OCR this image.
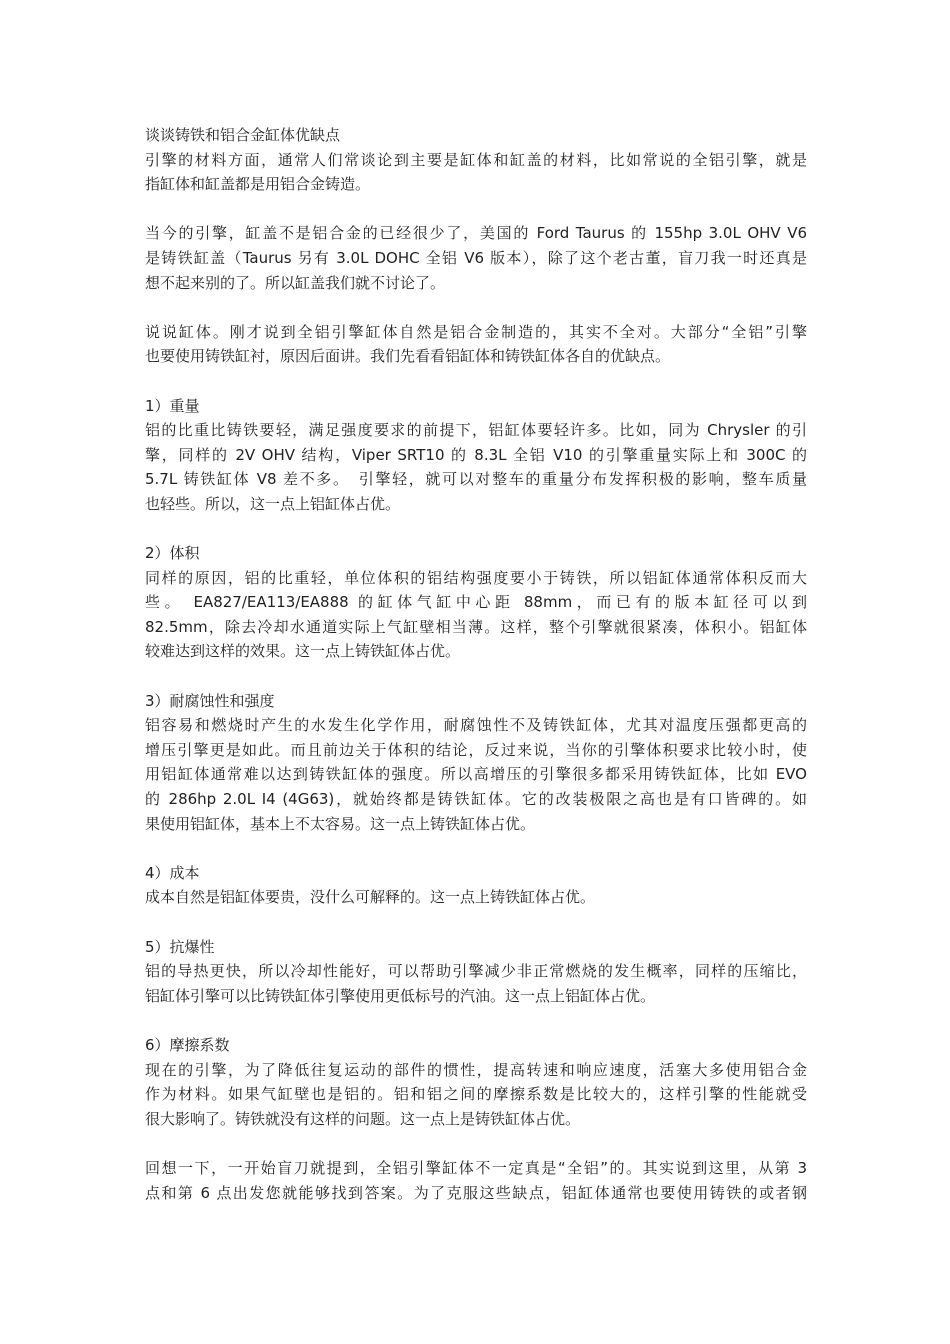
谈谈铸铁和铝合金缸体优缺点
引擎的材料方面，通常人们常谈论到主要是缸体和缸盖的材料，比如常说的全铝引擎，就是
指缸体和缸盖都是用铝合金铸造。
当今的引擎，缸盖不是铝合金的已经很少了，美国的 Ford Taurus 的 155hp 3.0L OHV V6
是铸铁缸盖（Taurus 另有 3.0L DOHC 全铝 V6 版本），除了这个老古董，盲刀我一时还真是
想不起来别的了。所以缸盖我们就不讨论了。
说说缸体。刚才说到全铝引擎缸体自然是铝合金制造的，其实不全对。大部分“全铝”引擎
也要使用铸铁缸衬，原因后面讲。我们先看看铝缸体和铸铁缸体各自的优缺点。
1）重量
铝的比重比铸铁要轻，满足强度要求的前提下，铝缸体要轻许多。比如，同为 Chrysler 的引
擎，同样的 2V OHV 结构，Viper SRT10 的 8.3L 全铝 V10 的引擎重量实际上和 300C 的
5.7L 铸铁缸体 V8 差不多。　引擎轻，就可以对整车的重量分布发挥积极的影响，整车质量
也轻些。所以，这一点上铝缸体占优。
2）体积
同样的原因，铝的比重轻，单位体积的铝结构强度要小于铸铁，所以铝缸体通常体积反而大
些。 EA827/EA113/EA888 的缸体气缸中心距 88mm，而已有的版本缸径可以到
82.5mm，除去冷却水通道实际上气缸壁相当薄。这样，整个引擎就很紧凑，体积小。铝缸体
较难达到这样的效果。这一点上铸铁缸体占优。
3）耐腐蚀性和强度
铝容易和燃烧时产生的水发生化学作用，耐腐蚀性不及铸铁缸体，尤其对温度压强都更高的
增压引擎更是如此。而且前边关于体积的结论，反过来说，当你的引擎体积要求比较小时，使
用铝缸体通常难以达到铸铁缸体的强度。所以高增压的引擎很多都采用铸铁缸体，比如 EVO
的 286hp 2.0L I4 (4G63)，就始终都是铸铁缸体。它的改装极限之高也是有口皆碑的。如
果使用铝缸体，基本上不太容易。这一点上铸铁缸体占优。
4）成本
成本自然是铝缸体要贵，没什么可解释的。这一点上铸铁缸体占优。
5）抗爆性
铝的导热更快，所以冷却性能好，可以帮助引擎减少非正常燃烧的发生概率，同样的压缩比，
铝缸体引擎可以比铸铁缸体引擎使用更低标号的汽油。这一点上铝缸体占优。
6）摩擦系数
现在的引擎，为了降低往复运动的部件的惯性，提高转速和响应速度，活塞大多使用铝合金
作为材料。如果气缸壁也是铝的。铝和铝之间的摩擦系数是比较大的，这样引擎的性能就受
很大影响了。铸铁就没有这样的问题。这一点上是铸铁缸体占优。
回想一下，一开始盲刀就提到，全铝引擎缸体不一定真是“全铝”的。其实说到这里，从第 3
点和第 6 点出发您就能够找到答案。为了克服这些缺点，铝缸体通常也要使用铸铁的或者钢
